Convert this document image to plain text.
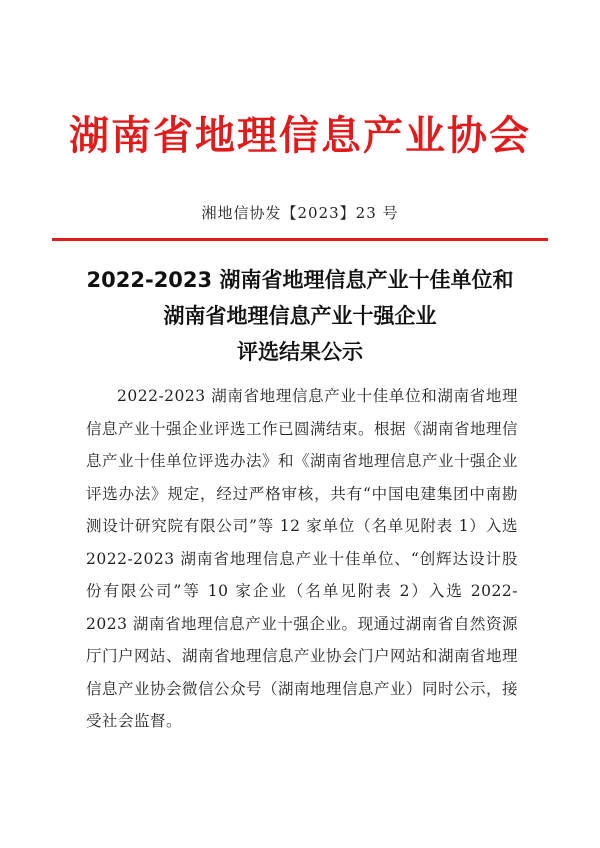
湖南省地理信息产业协会
湘地信协发【2023】23 号
2022-2023 湖南省地理信息产业十佳单位和
湖南省地理信息产业十强企业
评选结果公示
2022-2023 湖南省地理信息产业十佳单位和湖南省地理信息产业十强企业评选工作已圆满结束。根据《湖南省地理信息产业十佳单位评选办法》和《湖南省地理信息产业十强企业评选办法》规定，经过严格审核，共有“中国电建集团中南勘测设计研究院有限公司”等 12 家单位（名单见附表 1）入选 2022-2023 湖南省地理信息产业十佳单位、“创辉达设计股份有限公司”等 10 家企业（名单见附表 2）入选 2022-2023 湖南省地理信息产业十强企业。现通过湖南省自然资源厅门户网站、湖南省地理信息产业协会门户网站和湖南省地理信息产业协会微信公众号（湖南地理信息产业）同时公示，接受社会监督。
